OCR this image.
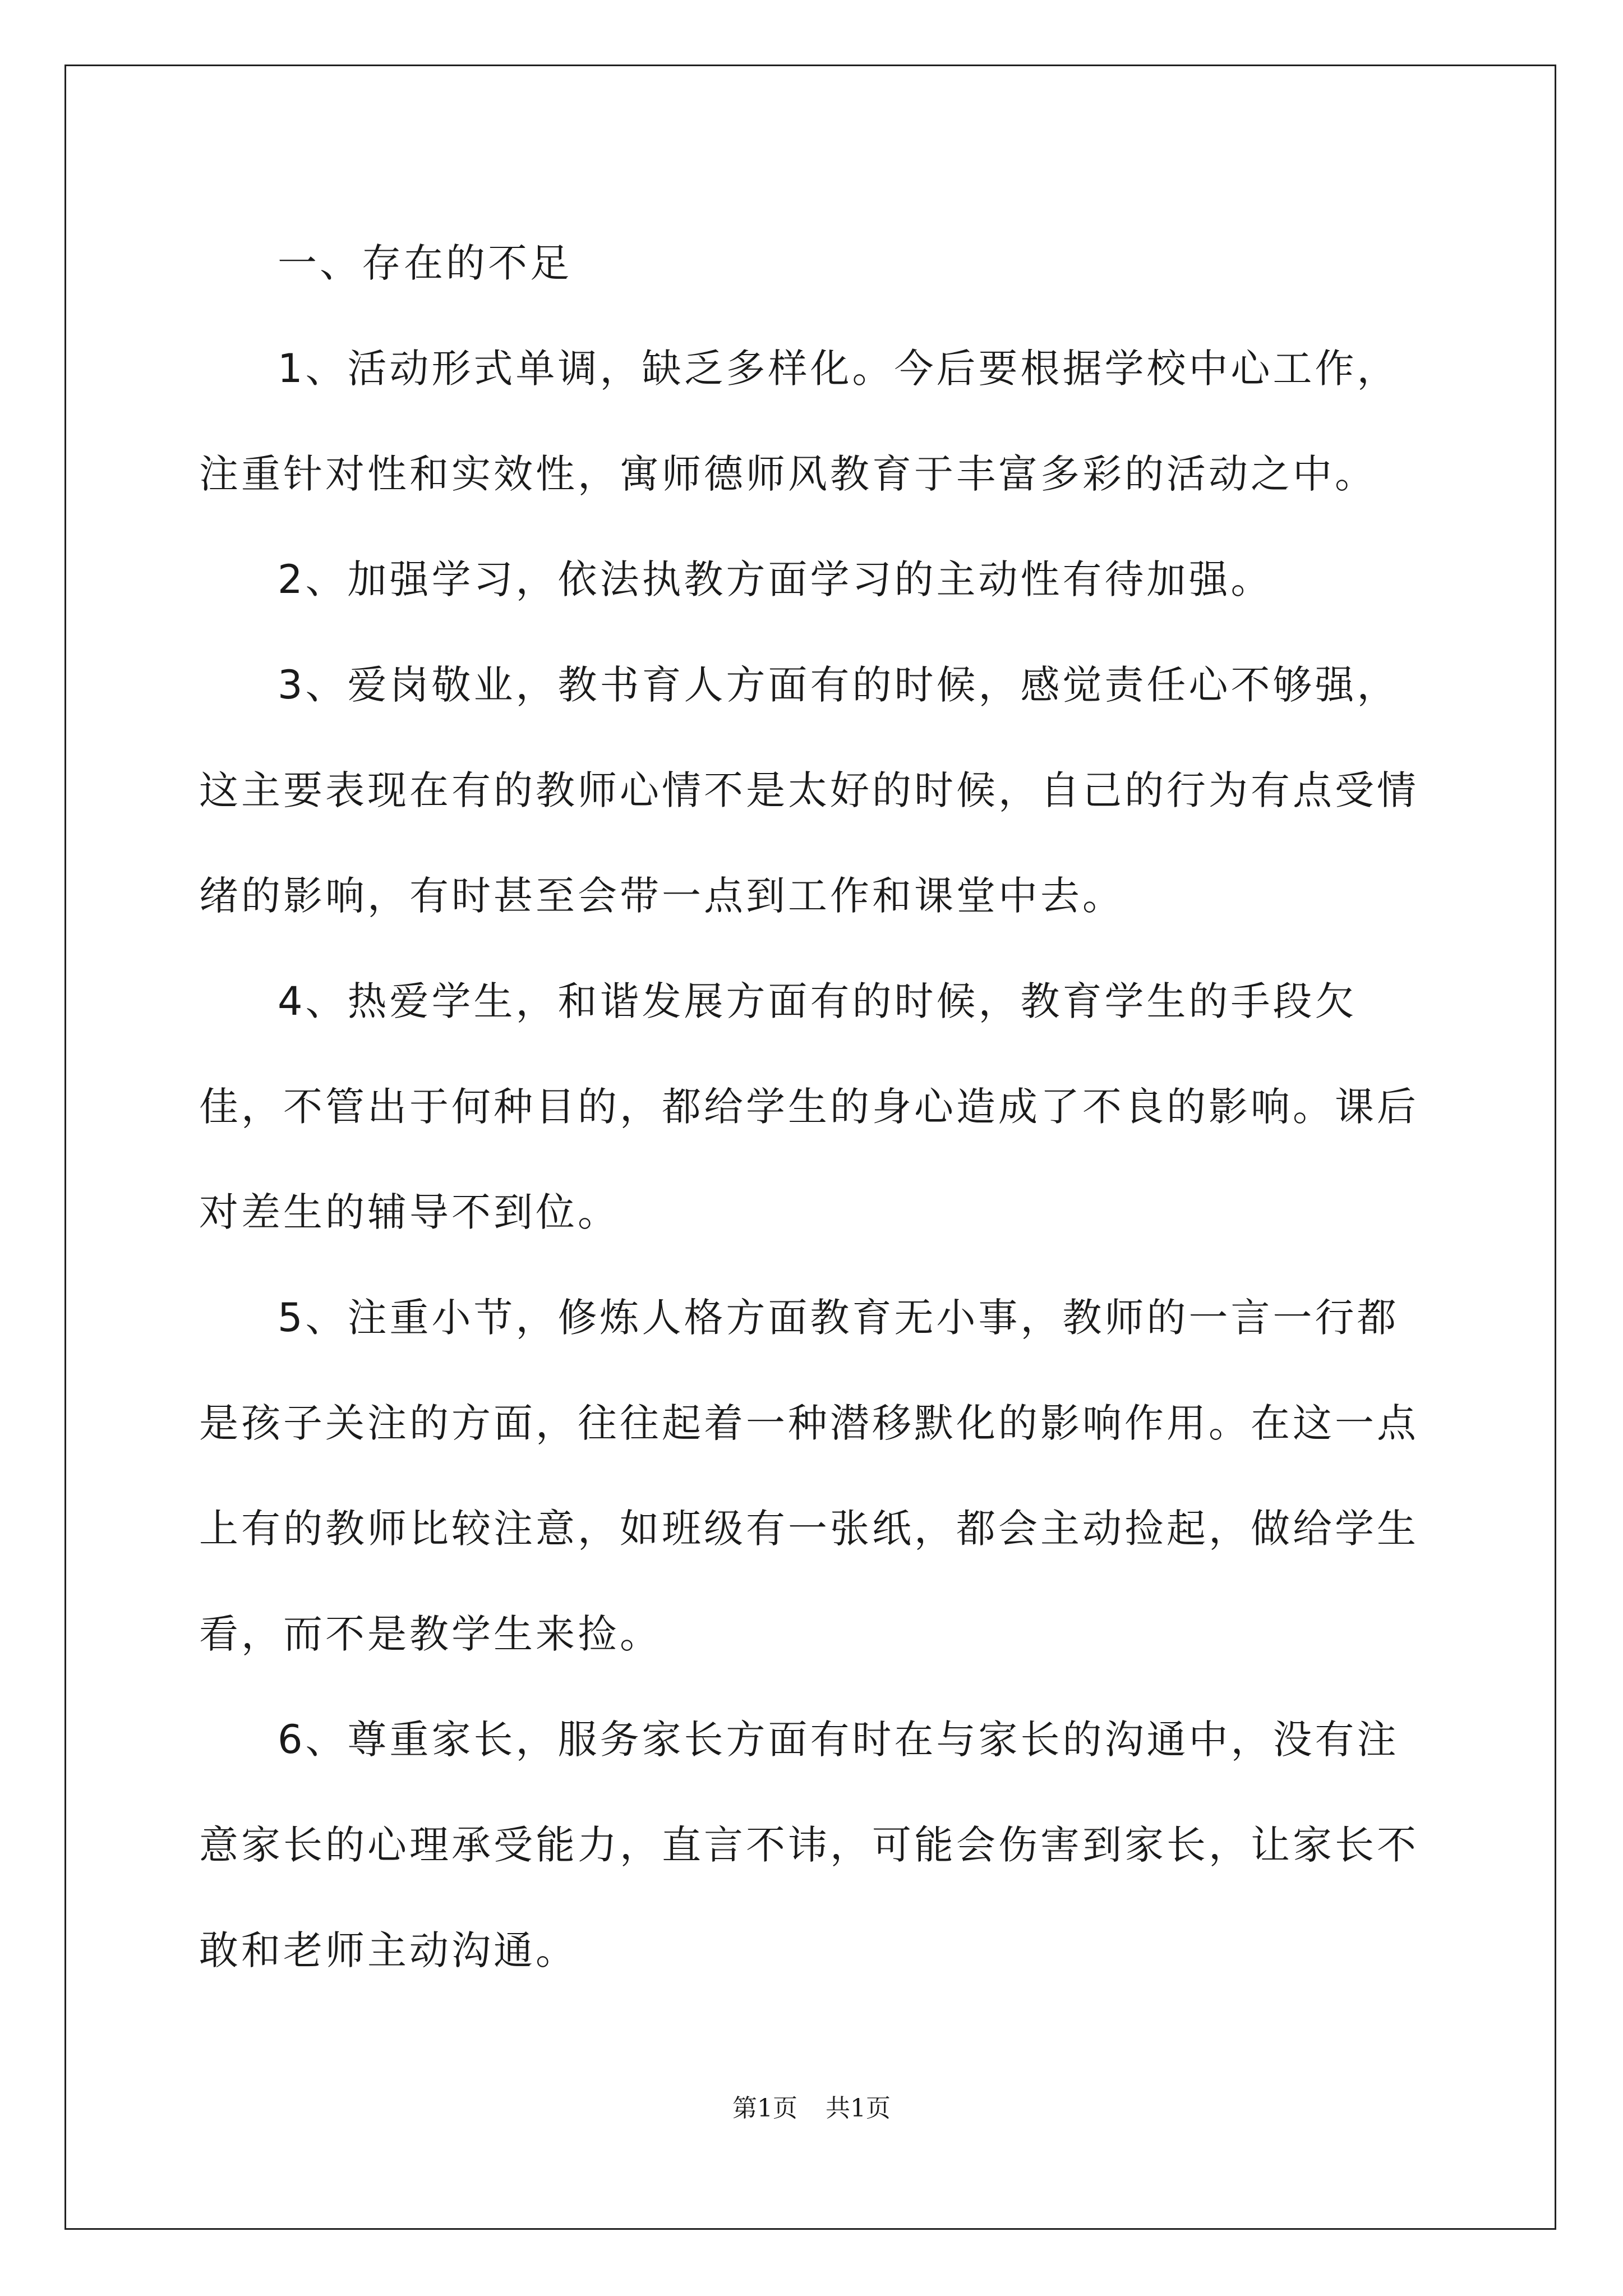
一、存在的不足

1、活动形式单调，缺乏多样化。今后要根据学校中心工作，注重针对性和实效性，寓师德师风教育于丰富多彩的活动之中。

2、加强学习，依法执教方面学习的主动性有待加强。

3、爱岗敬业，教书育人方面有的时候，感觉责任心不够强，这主要表现在有的教师心情不是太好的时候，自己的行为有点受情绪的影响，有时甚至会带一点到工作和课堂中去。

4、热爱学生，和谐发展方面有的时候，教育学生的手段欠佳，不管出于何种目的，都给学生的身心造成了不良的影响。课后对差生的辅导不到位。

5、注重小节，修炼人格方面教育无小事，教师的一言一行都是孩子关注的方面，往往起着一种潜移默化的影响作用。在这一点上有的教师比较注意，如班级有一张纸，都会主动捡起，做给学生看，而不是教学生来捡。

6、尊重家长，服务家长方面有时在与家长的沟通中，没有注意家长的心理承受能力，直言不讳，可能会伤害到家长，让家长不敢和老师主动沟通。

第1页 共1页
